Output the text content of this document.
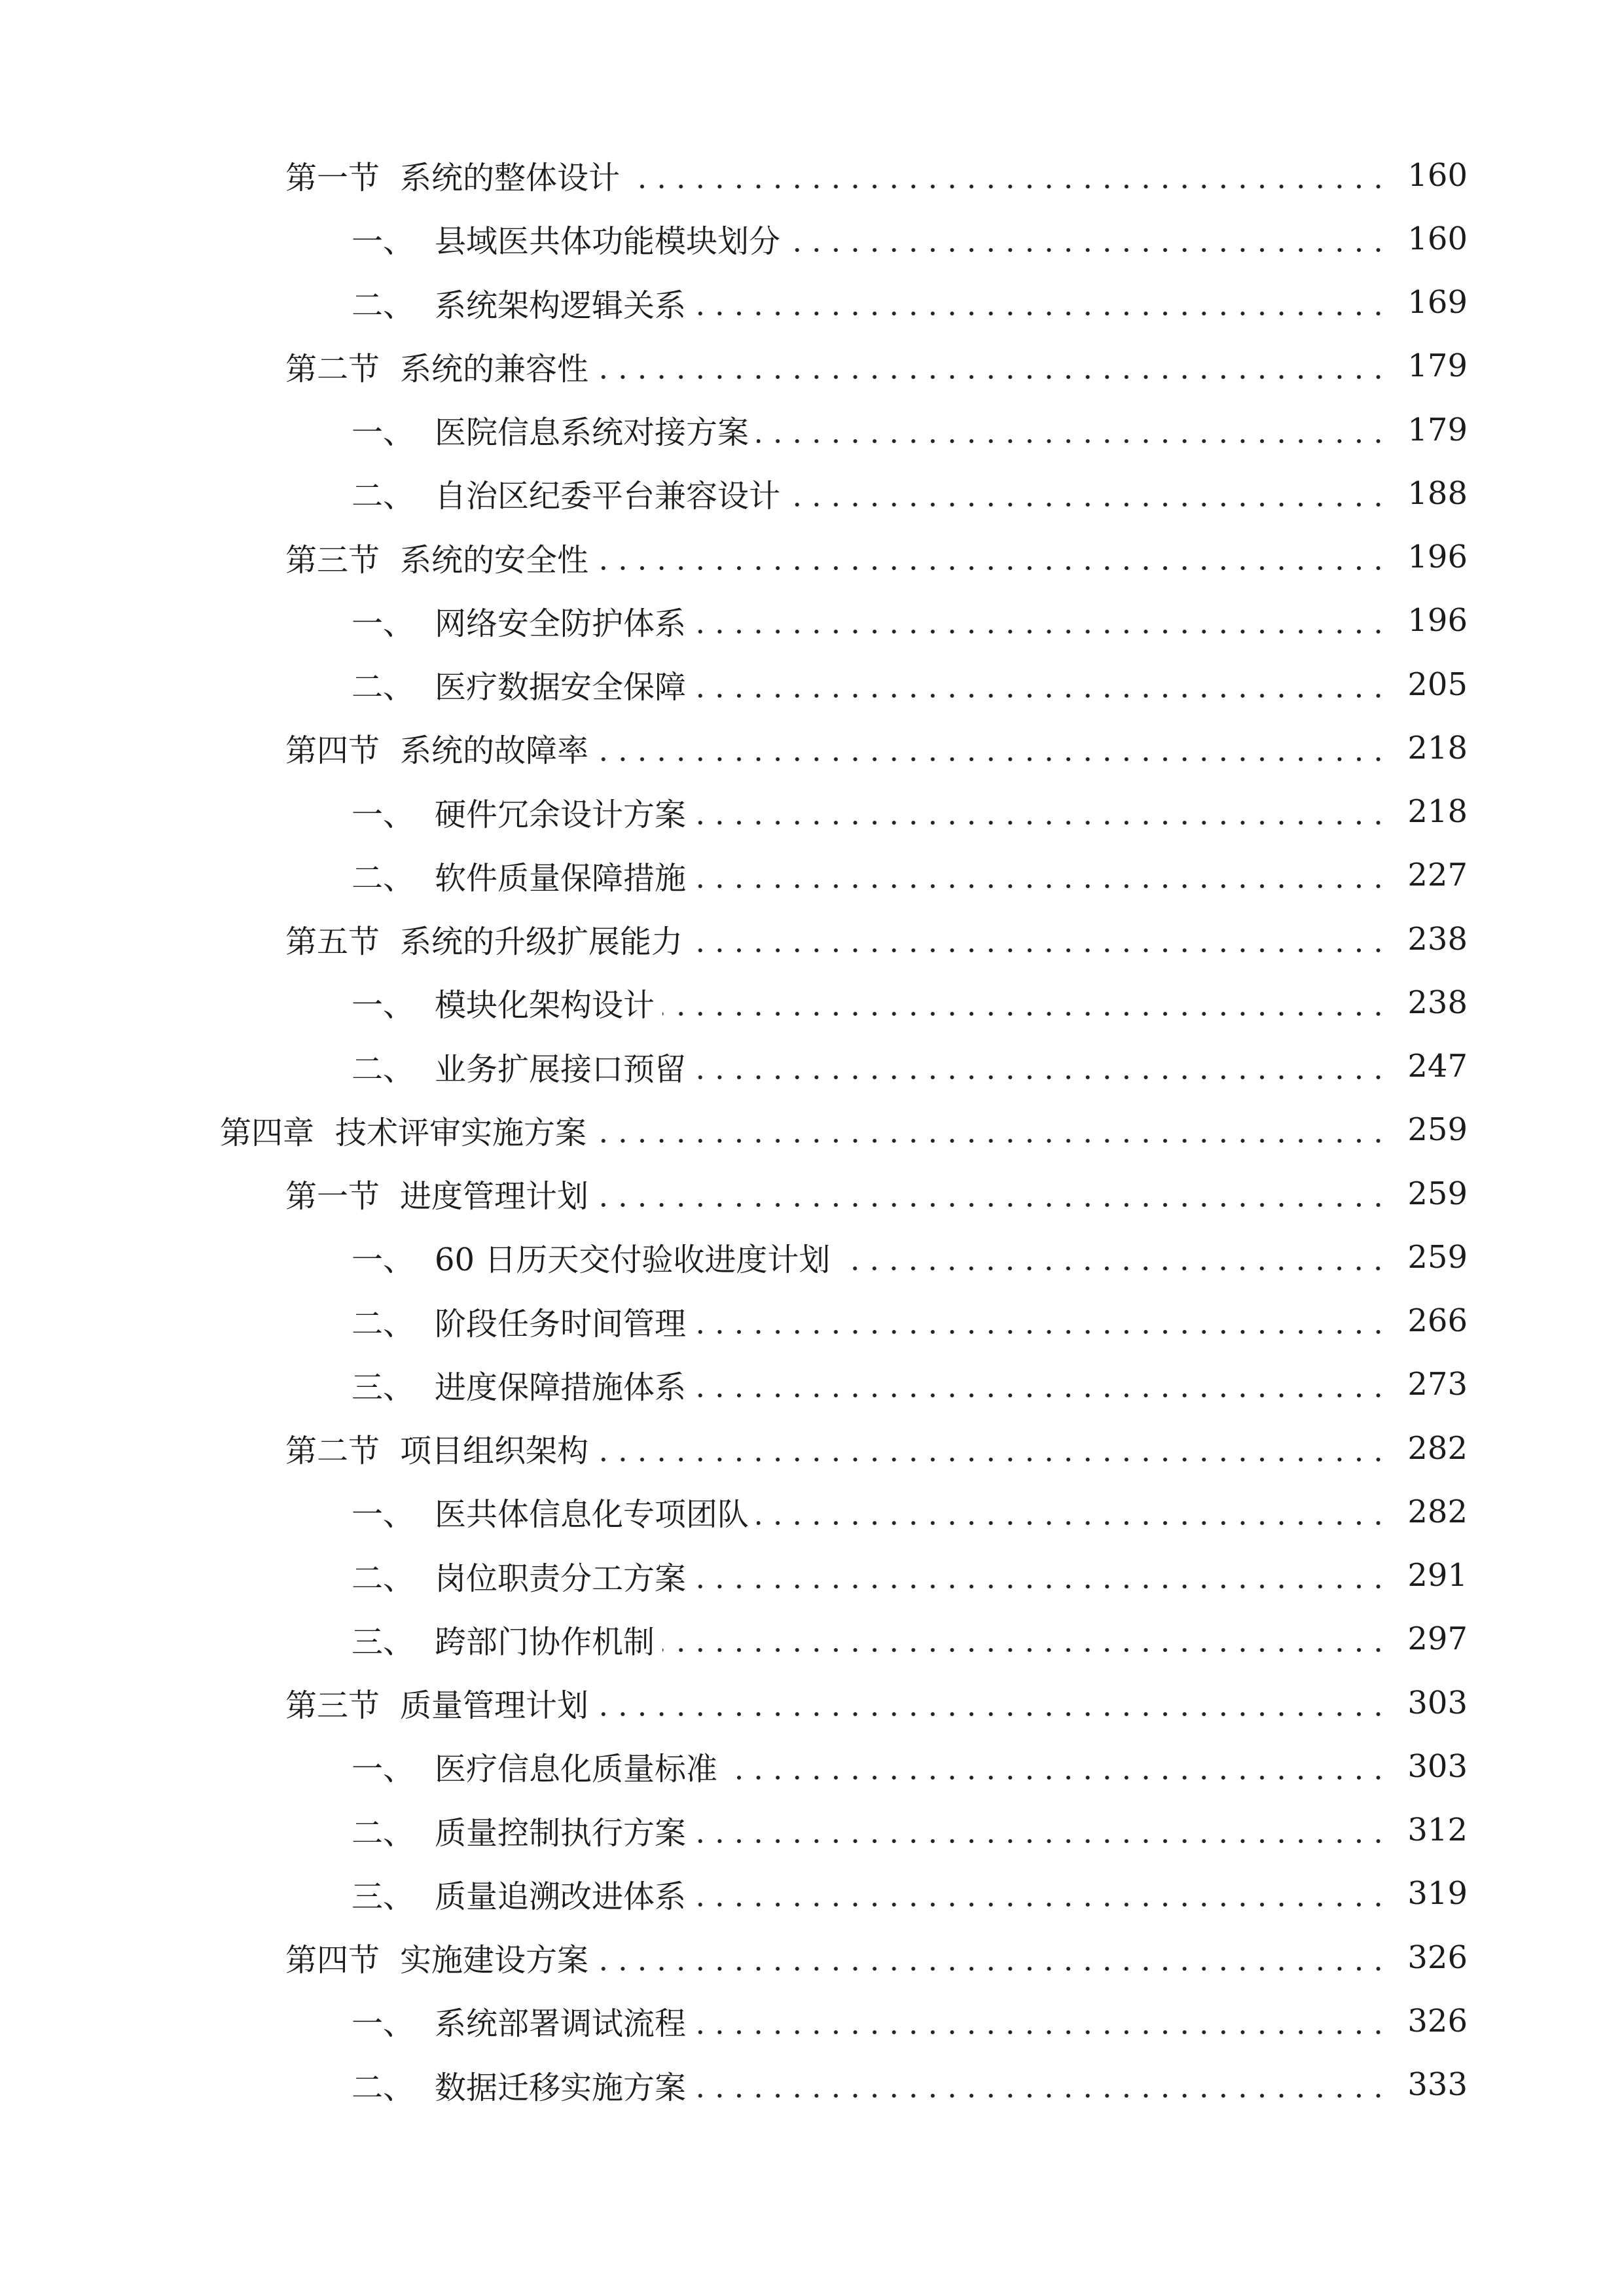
第一节 系统的整体设计	160
一、 县域医共体功能模块划分	160
二、 系统架构逻辑关系	169
第二节 系统的兼容性	179
一、 医院信息系统对接方案	179
二、 自治区纪委平台兼容设计	188
第三节 系统的安全性	196
一、 网络安全防护体系	196
二、 医疗数据安全保障	205
第四节 系统的故障率	218
一、 硬件冗余设计方案	218
二、 软件质量保障措施	227
第五节 系统的升级扩展能力	238
一、 模块化架构设计	238
二、 业务扩展接口预留	247
第四章 技术评审实施方案	259
第一节 进度管理计划	259
一、 60 日历天交付验收进度计划	259
二、 阶段任务时间管理	266
三、 进度保障措施体系	273
第二节 项目组织架构	282
一、 医共体信息化专项团队	282
二、 岗位职责分工方案	291
三、 跨部门协作机制	297
第三节 质量管理计划	303
一、 医疗信息化质量标准	303
二、 质量控制执行方案	312
三、 质量追溯改进体系	319
第四节 实施建设方案	326
一、 系统部署调试流程	326
二、 数据迁移实施方案	333
